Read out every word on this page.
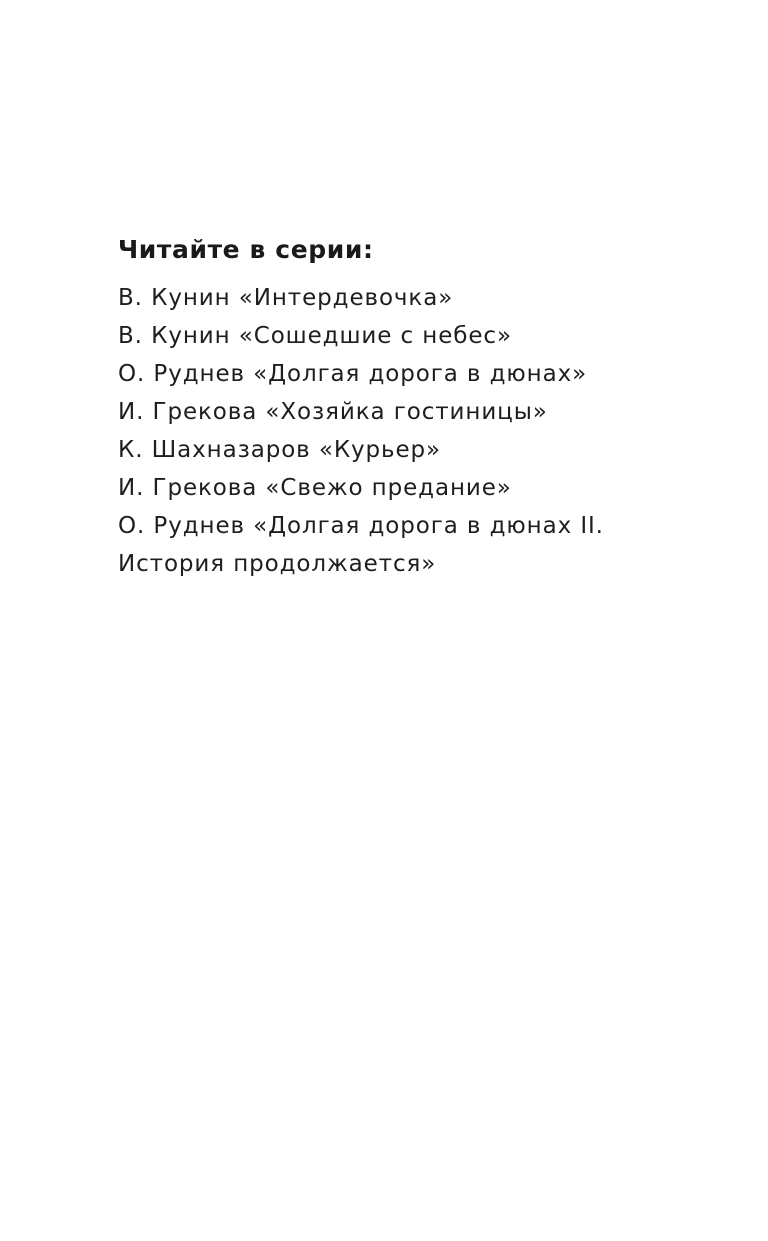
Читайте в серии:
В. Кунин «Интердевочка»
В. Кунин «Сошедшие с небес»
О. Руднев «Долгая дорога в дюнах»
И. Грекова «Хозяйка гостиницы»
К. Шахназаров «Курьер»
И. Грекова «Свежо предание»
О. Руднев «Долгая дорога в дюнах II.
История продолжается»
